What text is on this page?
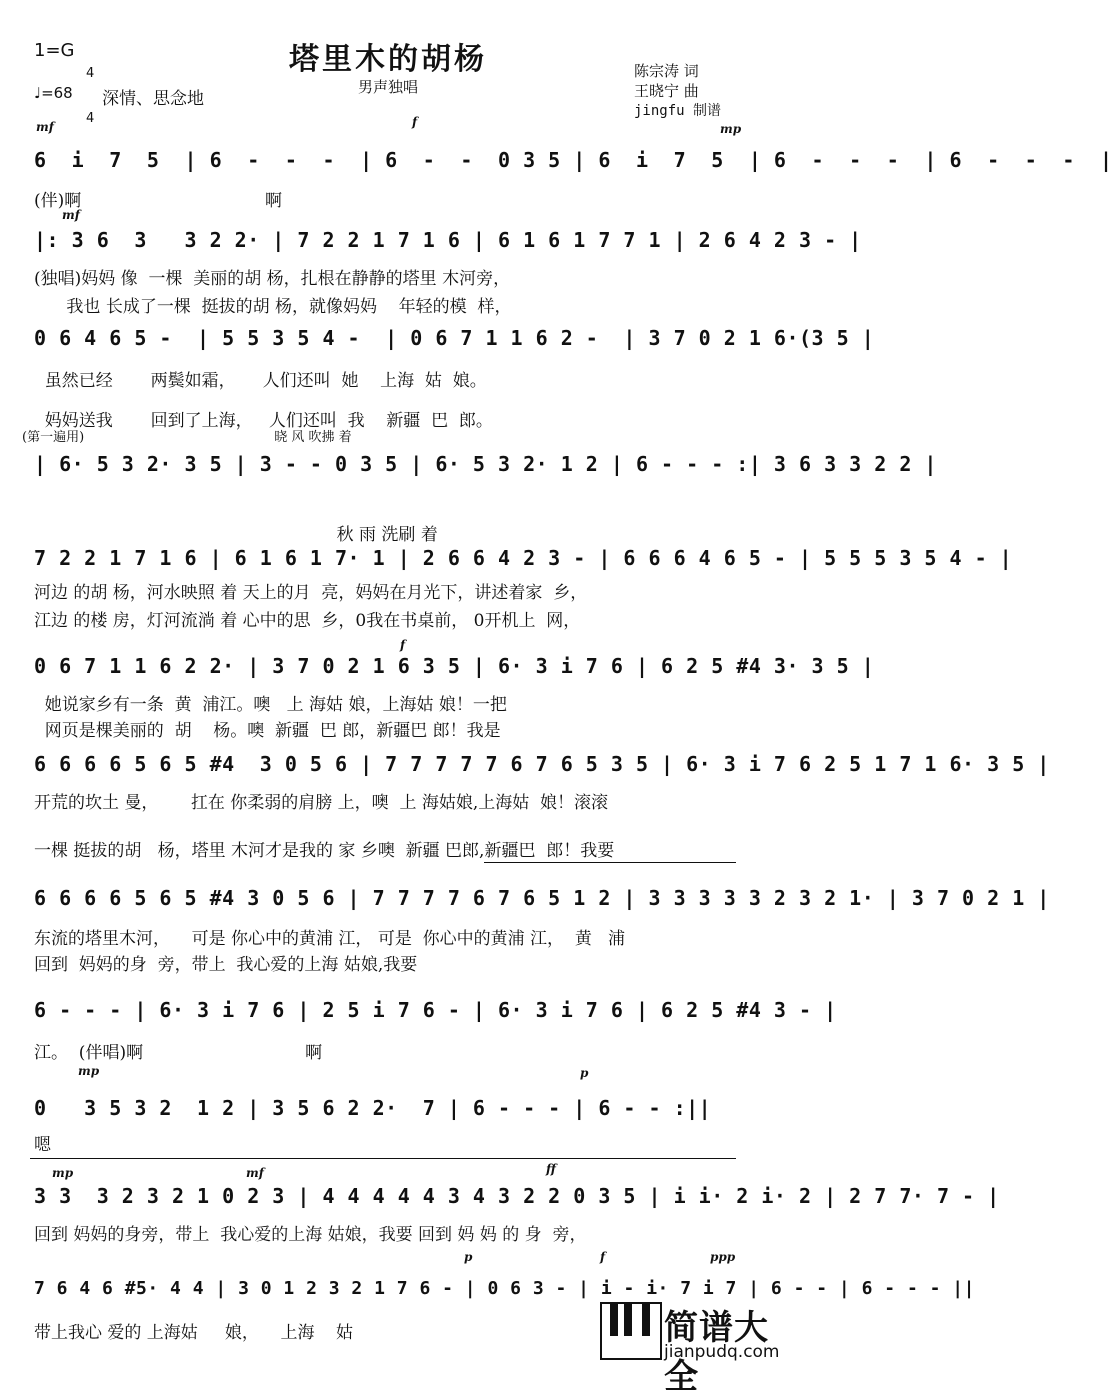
塔里木的胡杨
男声独唱
1=G

4

4

♩=68 深情、思念地
陈宗涛 词
王晓宁 曲
jingfu 制谱
mf	f	mp
6  i  7  5  | 6  -  -  -  | 6  -  -  0 3 5 | 6  i  7  5  | 6  -  -  -  | 6  -  -  -  |
(伴)啊                                  啊
mf
|: 3 6  3   3 2 2· | 7 2 2 1 7 1 6 | 6 1 6 1 7 7 1 | 2 6 4 2 3 - |
(独唱)妈妈 像  一棵  美丽的胡 杨，扎根在静静的塔里 木河旁，
我也 长成了一棵  挺拔的胡 杨，就像妈妈    年轻的模  样，
0 6 4 6 5 -  | 5 5 3 5 4 -  | 0 6 7 1 1 6 2 -  | 3 7 0 2 1 6·(3 5 |
虽然已经       两鬓如霜，     人们还叫  她    上海  姑  娘。
妈妈送我       回到了上海，   人们还叫  我    新疆  巴  郎。
(第一遍用)                                              晓 风 吹拂 着
| 6· 5 3 2· 3 5 | 3 - - 0 3 5 | 6· 5 3 2· 1 2 | 6 - - - :| 3 6 3 3 2 2 |
秋 雨 洗刷 着
7 2 2 1 7 1 6 | 6 1 6 1 7· 1 | 2 6 6 4 2 3 - | 6 6 6 4 6 5 - | 5 5 5 3 5 4 - |
河边 的胡 杨，河水映照 着 天上的月  亮，妈妈在月光下，讲述着家  乡，
江边 的楼 房，灯河流淌 着 心中的思  乡，0我在书桌前， 0开机上  网，
f
0 6 7 1 1 6 2 2· | 3 7 0 2 1 6 3 5 | 6· 3 i 7 6 | 6 2 5 #4 3· 3 5 |
她说家乡有一条  黄  浦江。噢   上 海姑 娘，上海姑 娘！一把
网页是棵美丽的  胡    杨。噢  新疆  巴 郎，新疆巴 郎！我是
6 6 6 6 5 6 5 #4  3 0 5 6 | 7 7 7 7 7 6 7 6 5 3 5 | 6· 3 i 7 6 2 5 1 7 1 6· 3 5 |
开荒的坎土 曼，      扛在 你柔弱的肩膀 上，噢  上 海姑娘,上海姑  娘！滚滚
一棵 挺拔的胡   杨，塔里 木河才是我的 家 乡噢  新疆 巴郎,新疆巴  郎！我要
6 6 6 6 5 6 5 #4 3 0 5 6 | 7 7 7 7 6 7 6 5 1 2 | 3 3 3 3 3 2 3 2 1· | 3 7 0 2 1 |
东流的塔里木河，    可是 你心中的黄浦 江， 可是  你心中的黄浦 江，  黄   浦
回到  妈妈的身  旁，带上  我心爱的上海 姑娘,我要
6 - - - | 6· 3 i 7 6 | 2 5 i 7 6 - | 6· 3 i 7 6 | 6 2 5 #4 3 - |
江。  (伴唱)啊                              啊
mp	p
0   3 5 3 2  1 2 | 3 5 6 2 2·  7 | 6 - - - | 6 - - :||
嗯
mp	mf	ff
3 3  3 2 3 2 1 0 2 3 | 4 4 4 4 4 3 4 3 2 2 0 3 5 | i i· 2 i· 2 | 2 7 7· 7 - |
回到 妈妈的身旁，带上  我心爱的上海 姑娘，我要 回到 妈 妈 的 身  旁，
p	f	ppp
7 6 4 6 #5· 4 4 | 3 0 1 2 3 2 1 7 6 - | 0 6 3 - | i - i· 7 i 7 | 6 - - | 6 - - - ||
带上我心 爱的 上海姑     娘，    上海    姑	简谱大全
jianpudq.com
